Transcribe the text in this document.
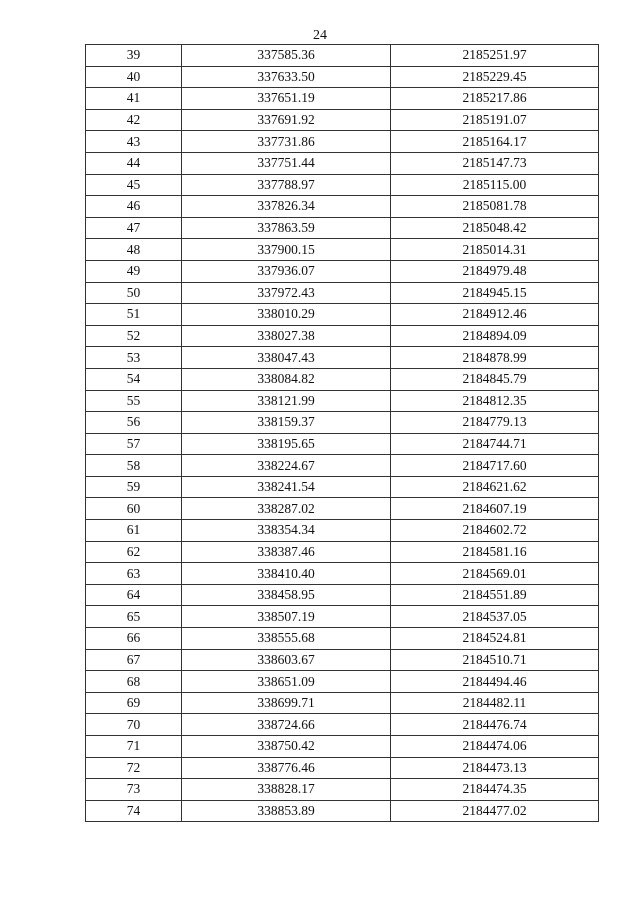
24
39	337585.36	2185251.97
40	337633.50	2185229.45
41	337651.19	2185217.86
42	337691.92	2185191.07
43	337731.86	2185164.17
44	337751.44	2185147.73
45	337788.97	2185115.00
46	337826.34	2185081.78
47	337863.59	2185048.42
48	337900.15	2185014.31
49	337936.07	2184979.48
50	337972.43	2184945.15
51	338010.29	2184912.46
52	338027.38	2184894.09
53	338047.43	2184878.99
54	338084.82	2184845.79
55	338121.99	2184812.35
56	338159.37	2184779.13
57	338195.65	2184744.71
58	338224.67	2184717.60
59	338241.54	2184621.62
60	338287.02	2184607.19
61	338354.34	2184602.72
62	338387.46	2184581.16
63	338410.40	2184569.01
64	338458.95	2184551.89
65	338507.19	2184537.05
66	338555.68	2184524.81
67	338603.67	2184510.71
68	338651.09	2184494.46
69	338699.71	2184482.11
70	338724.66	2184476.74
71	338750.42	2184474.06
72	338776.46	2184473.13
73	338828.17	2184474.35
74	338853.89	2184477.02
